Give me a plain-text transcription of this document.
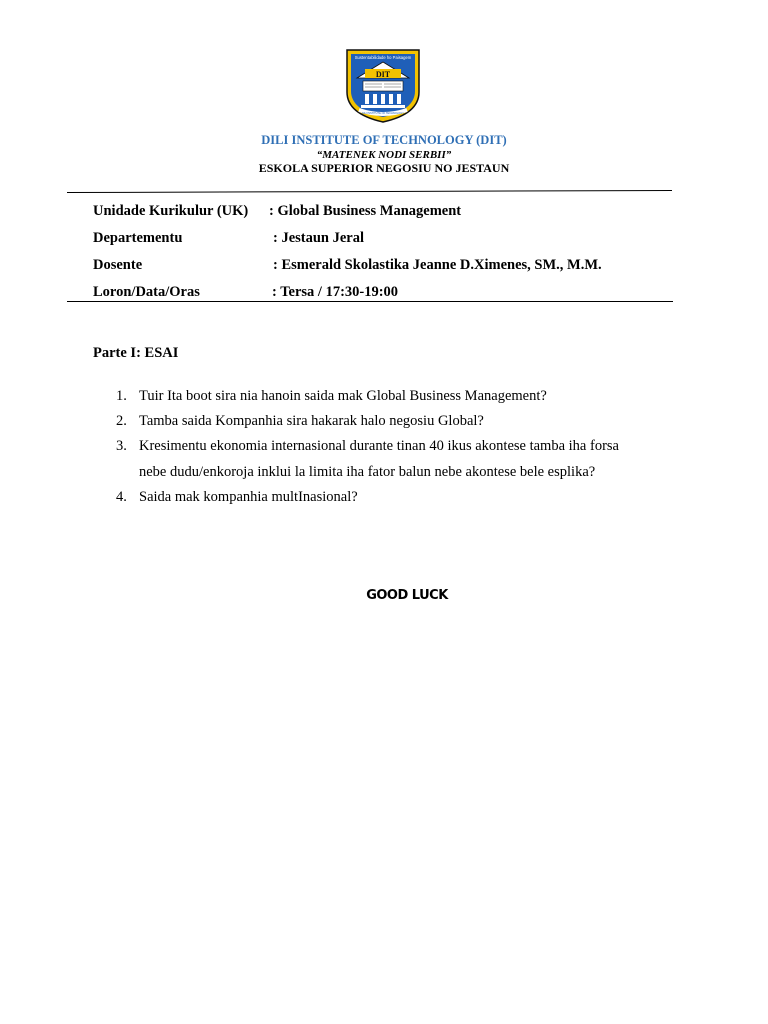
Sustentabilidade ho Paisagem
DIT
DILI INSTITUTE OF TECHNOLOGY
DILI INSTITUTE OF TECHNOLOGY (DIT)
“MATENEK NODI SERBII”
ESKOLA SUPERIOR NEGOSIU NO JESTAUN
Unidade Kurikulur (UK) : Global Business Management
Departementu	: Jestaun Jeral
Dosente	: Esmerald Skolastika Jeanne D.Ximenes, SM., M.M.
Loron/Data/Oras	: Tersa / 17:30-19:00
Parte I: ESAI
1. Tuir Ita boot sira nia hanoin saida mak Global Business Management?
2. Tamba saida Kompanhia sira hakarak halo negosiu Global?
3. Kresimentu ekonomia internasional durante tinan 40 ikus akontese tamba iha forsa
nebe dudu/enkoroja inklui la limita iha fator balun nebe akontese bele esplika?
4. Saida mak kompanhia multInasional?
GOOD LUCK
